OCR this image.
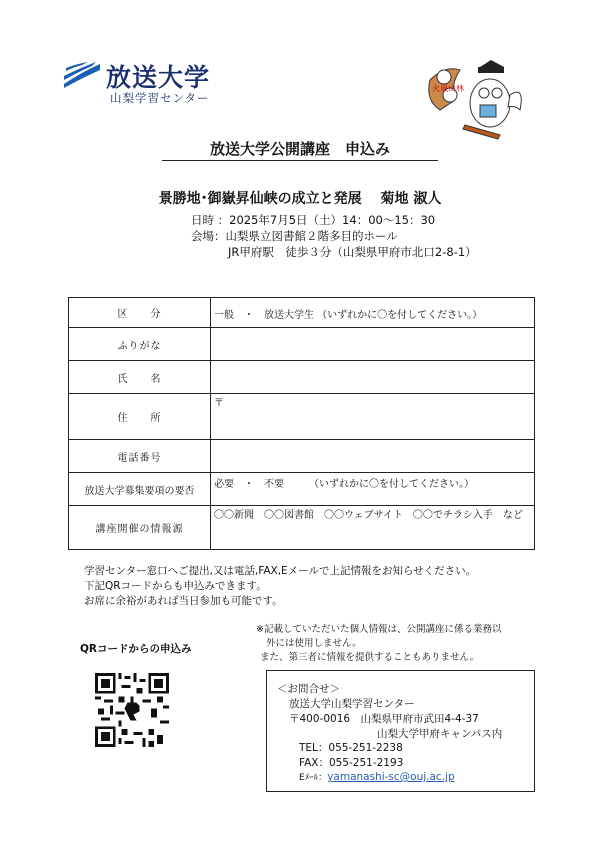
放送大学
山梨学習センター
火風山林
放送大学公開講座　申込み
景勝地･御嶽昇仙峡の成立と発展　 菊地 淑人
日時 ：2025年7月5日（土）14：00～15：30
会場：山梨県立図書館２階多目的ホール
JR甲府駅　徒歩３分（山梨県甲府市北口2-8-1）
区　　分	一般　・　放送大学生 （いずれかに〇を付してください。）
ふりがな	
氏　　名	
住　　所	〒
電話番号	
放送大学募集要項の要否	必要　・　不要　　　（いずれかに〇を付してください。）
講座開催の情報源	〇〇新聞　〇〇図書館　〇〇ウェブサイト　〇〇でチラシ入手　など
学習センター窓口へご提出,又は電話,FAX,Eメールで上記情報をお知らせください。
下記QRコードからも申込みできます。
お席に余裕があれば当日参加も可能です。
QRコードからの申込み
※記載していただいた個人情報は、公開講座に係る業務以
外には使用しません。
また、第三者に情報を提供することもありません。
＜お問合せ＞
放送大学山梨学習センター
〒400-0016　山梨県甲府市武田4-4-37
山梨大学甲府キャンパス内
TEL：055-251-2238
FAX：055-251-2193
Eﾒｰﾙ：yamanashi-sc@ouj.ac.jp
